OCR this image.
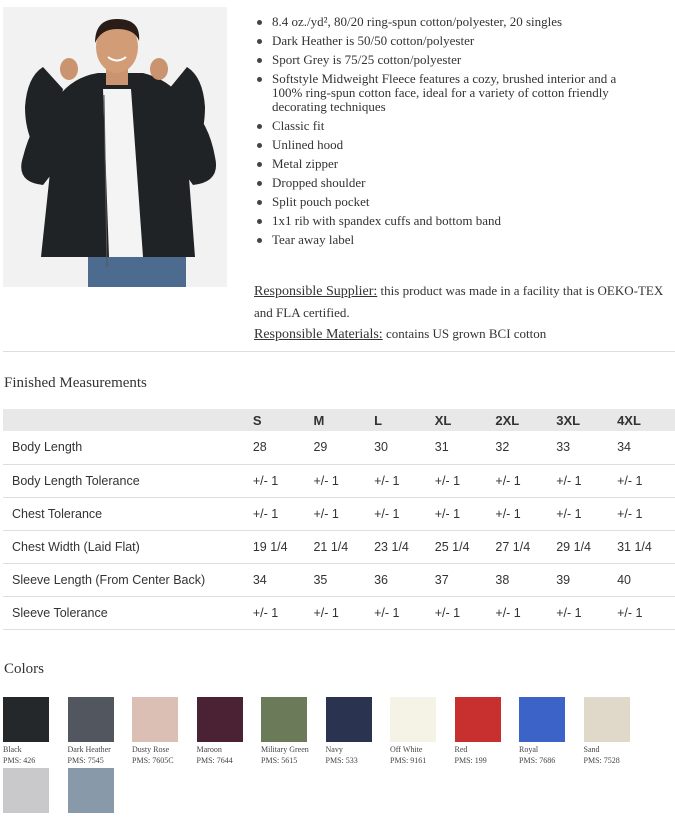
8.4 oz./yd², 80/20 ring-spun cotton/polyester, 20 singles
Dark Heather is 50/50 cotton/polyester
Sport Grey is 75/25 cotton/polyester
Softstyle Midweight Fleece features a cozy, brushed interior and a 100% ring-spun cotton face, ideal for a variety of cotton friendly decorating techniques
Classic fit
Unlined hood
Metal zipper
Dropped shoulder
Split pouch pocket
1x1 rib with spandex cuffs and bottom band
Tear away label
Responsible Supplier: this product was made in a facility that is OEKO-TEX and FLA certified.
Responsible Materials: contains US grown BCI cotton
Finished Measurements
	S	M	L	XL	2XL	3XL	4XL
Body Length	28	29	30	31	32	33	34
Body Length Tolerance	+/- 1	+/- 1	+/- 1	+/- 1	+/- 1	+/- 1	+/- 1
Chest Tolerance	+/- 1	+/- 1	+/- 1	+/- 1	+/- 1	+/- 1	+/- 1
Chest Width (Laid Flat)	19 1/4	21 1/4	23 1/4	25 1/4	27 1/4	29 1/4	31 1/4
Sleeve Length (From Center Back)	34	35	36	37	38	39	40
Sleeve Tolerance	+/- 1	+/- 1	+/- 1	+/- 1	+/- 1	+/- 1	+/- 1
Colors
Black
PMS: 426
Dark Heather
PMS: 7545
Dusty Rose
PMS: 7605C
Maroon
PMS: 7644
Military Green
PMS: 5615
Navy
PMS: 533
Off White
PMS: 9161
Red
PMS: 199
Royal
PMS: 7686
Sand
PMS: 7528
